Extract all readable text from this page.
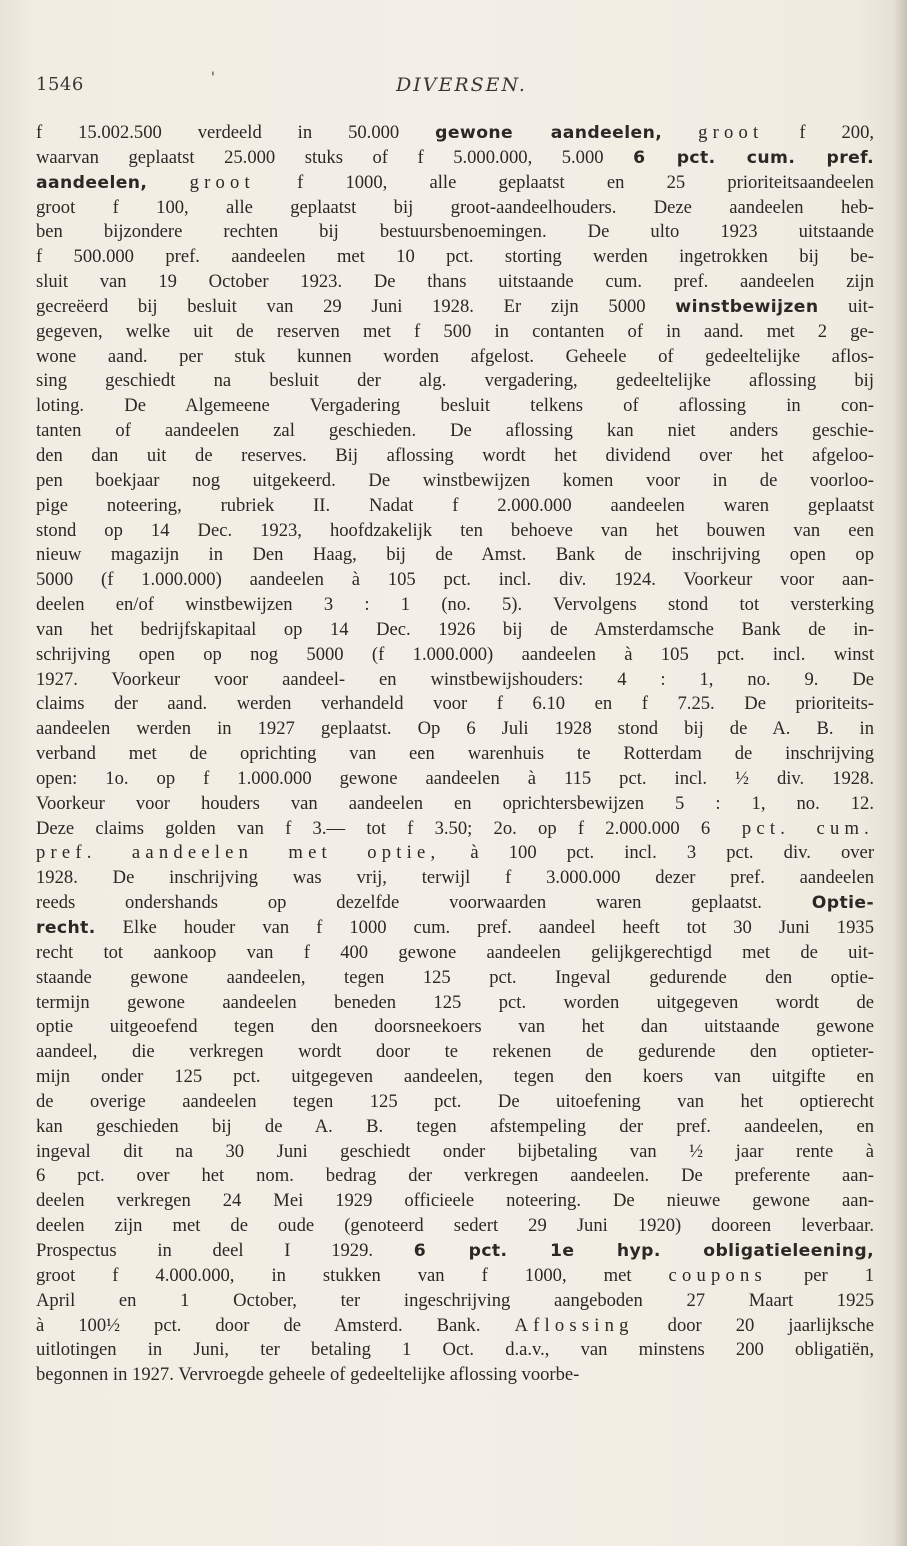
1546	'	DIVERSEN.
f 15.002.500 verdeeld in 50.000 gewone aandeelen, groot f 200,
waarvan geplaatst 25.000 stuks of f 5.000.000, 5.000 6 pct. cum. pref.
aandeelen, groot f 1000, alle geplaatst en 25 prioriteitsaandeelen
groot f 100, alle geplaatst bij groot-aandeelhouders. Deze aandeelen heb-
ben bijzondere rechten bij bestuursbenoemingen. De ulto 1923 uitstaande
f 500.000 pref. aandeelen met 10 pct. storting werden ingetrokken bij be-
sluit van 19 October 1923. De thans uitstaande cum. pref. aandeelen zijn
gecreëerd bij besluit van 29 Juni 1928. Er zijn 5000 winstbewijzen uit-
gegeven, welke uit de reserven met f 500 in contanten of in aand. met 2 ge-
wone aand. per stuk kunnen worden afgelost. Geheele of gedeeltelijke aflos-
sing geschiedt na besluit der alg. vergadering, gedeeltelijke aflossing bij
loting. De Algemeene Vergadering besluit telkens of aflossing in con-
tanten of aandeelen zal geschieden. De aflossing kan niet anders geschie-
den dan uit de reserves. Bij aflossing wordt het dividend over het afgeloo-
pen boekjaar nog uitgekeerd. De winstbewijzen komen voor in de voorloo-
pige noteering, rubriek II. Nadat f 2.000.000 aandeelen waren geplaatst
stond op 14 Dec. 1923, hoofdzakelijk ten behoeve van het bouwen van een
nieuw magazijn in Den Haag, bij de Amst. Bank de inschrijving open op
5000 (f 1.000.000) aandeelen à 105 pct. incl. div. 1924. Voorkeur voor aan-
deelen en/of winstbewijzen 3 : 1 (no. 5). Vervolgens stond tot versterking
van het bedrijfskapitaal op 14 Dec. 1926 bij de Amsterdamsche Bank de in-
schrijving open op nog 5000 (f 1.000.000) aandeelen à 105 pct. incl. winst
1927. Voorkeur voor aandeel- en winstbewijshouders: 4 : 1, no. 9. De
claims der aand. werden verhandeld voor f 6.10 en f 7.25. De prioriteits-
aandeelen werden in 1927 geplaatst. Op 6 Juli 1928 stond bij de A. B. in
verband met de oprichting van een warenhuis te Rotterdam de inschrijving
open: 1o. op f 1.000.000 gewone aandeelen à 115 pct. incl. ½ div. 1928.
Voorkeur voor houders van aandeelen en oprichtersbewijzen 5 : 1, no. 12.
Deze claims golden van f 3.— tot f 3.50; 2o. op f 2.000.000 6 pct. cum.
pref. aandeelen met optie, à 100 pct. incl. 3 pct. div. over
1928. De inschrijving was vrij, terwijl f 3.000.000 dezer pref. aandeelen
reeds ondershands op dezelfde voorwaarden waren geplaatst. Optie-
recht. Elke houder van f 1000 cum. pref. aandeel heeft tot 30 Juni 1935
recht tot aankoop van f 400 gewone aandeelen gelijkgerechtigd met de uit-
staande gewone aandeelen, tegen 125 pct. Ingeval gedurende den optie-
termijn gewone aandeelen beneden 125 pct. worden uitgegeven wordt de
optie uitgeoefend tegen den doorsneekoers van het dan uitstaande gewone
aandeel, die verkregen wordt door te rekenen de gedurende den optieter-
mijn onder 125 pct. uitgegeven aandeelen, tegen den koers van uitgifte en
de overige aandeelen tegen 125 pct. De uitoefening van het optierecht
kan geschieden bij de A. B. tegen afstempeling der pref. aandeelen, en
ingeval dit na 30 Juni geschiedt onder bijbetaling van ½ jaar rente à
6 pct. over het nom. bedrag der verkregen aandeelen. De preferente aan-
deelen verkregen 24 Mei 1929 officieele noteering. De nieuwe gewone aan-
deelen zijn met de oude (genoteerd sedert 29 Juni 1920) dooreen leverbaar.
Prospectus in deel I 1929. 6 pct. 1e hyp. obligatieleening,
groot f 4.000.000, in stukken van f 1000, met coupons per 1
April en 1 October, ter ingeschrijving aangeboden 27 Maart 1925
à 100½ pct. door de Amsterd. Bank. Aflossing door 20 jaarlijksche
uitlotingen in Juni, ter betaling 1 Oct. d.a.v., van minstens 200 obligatiën,
begonnen in 1927. Vervroegde geheele of gedeeltelijke aflossing voorbe-
